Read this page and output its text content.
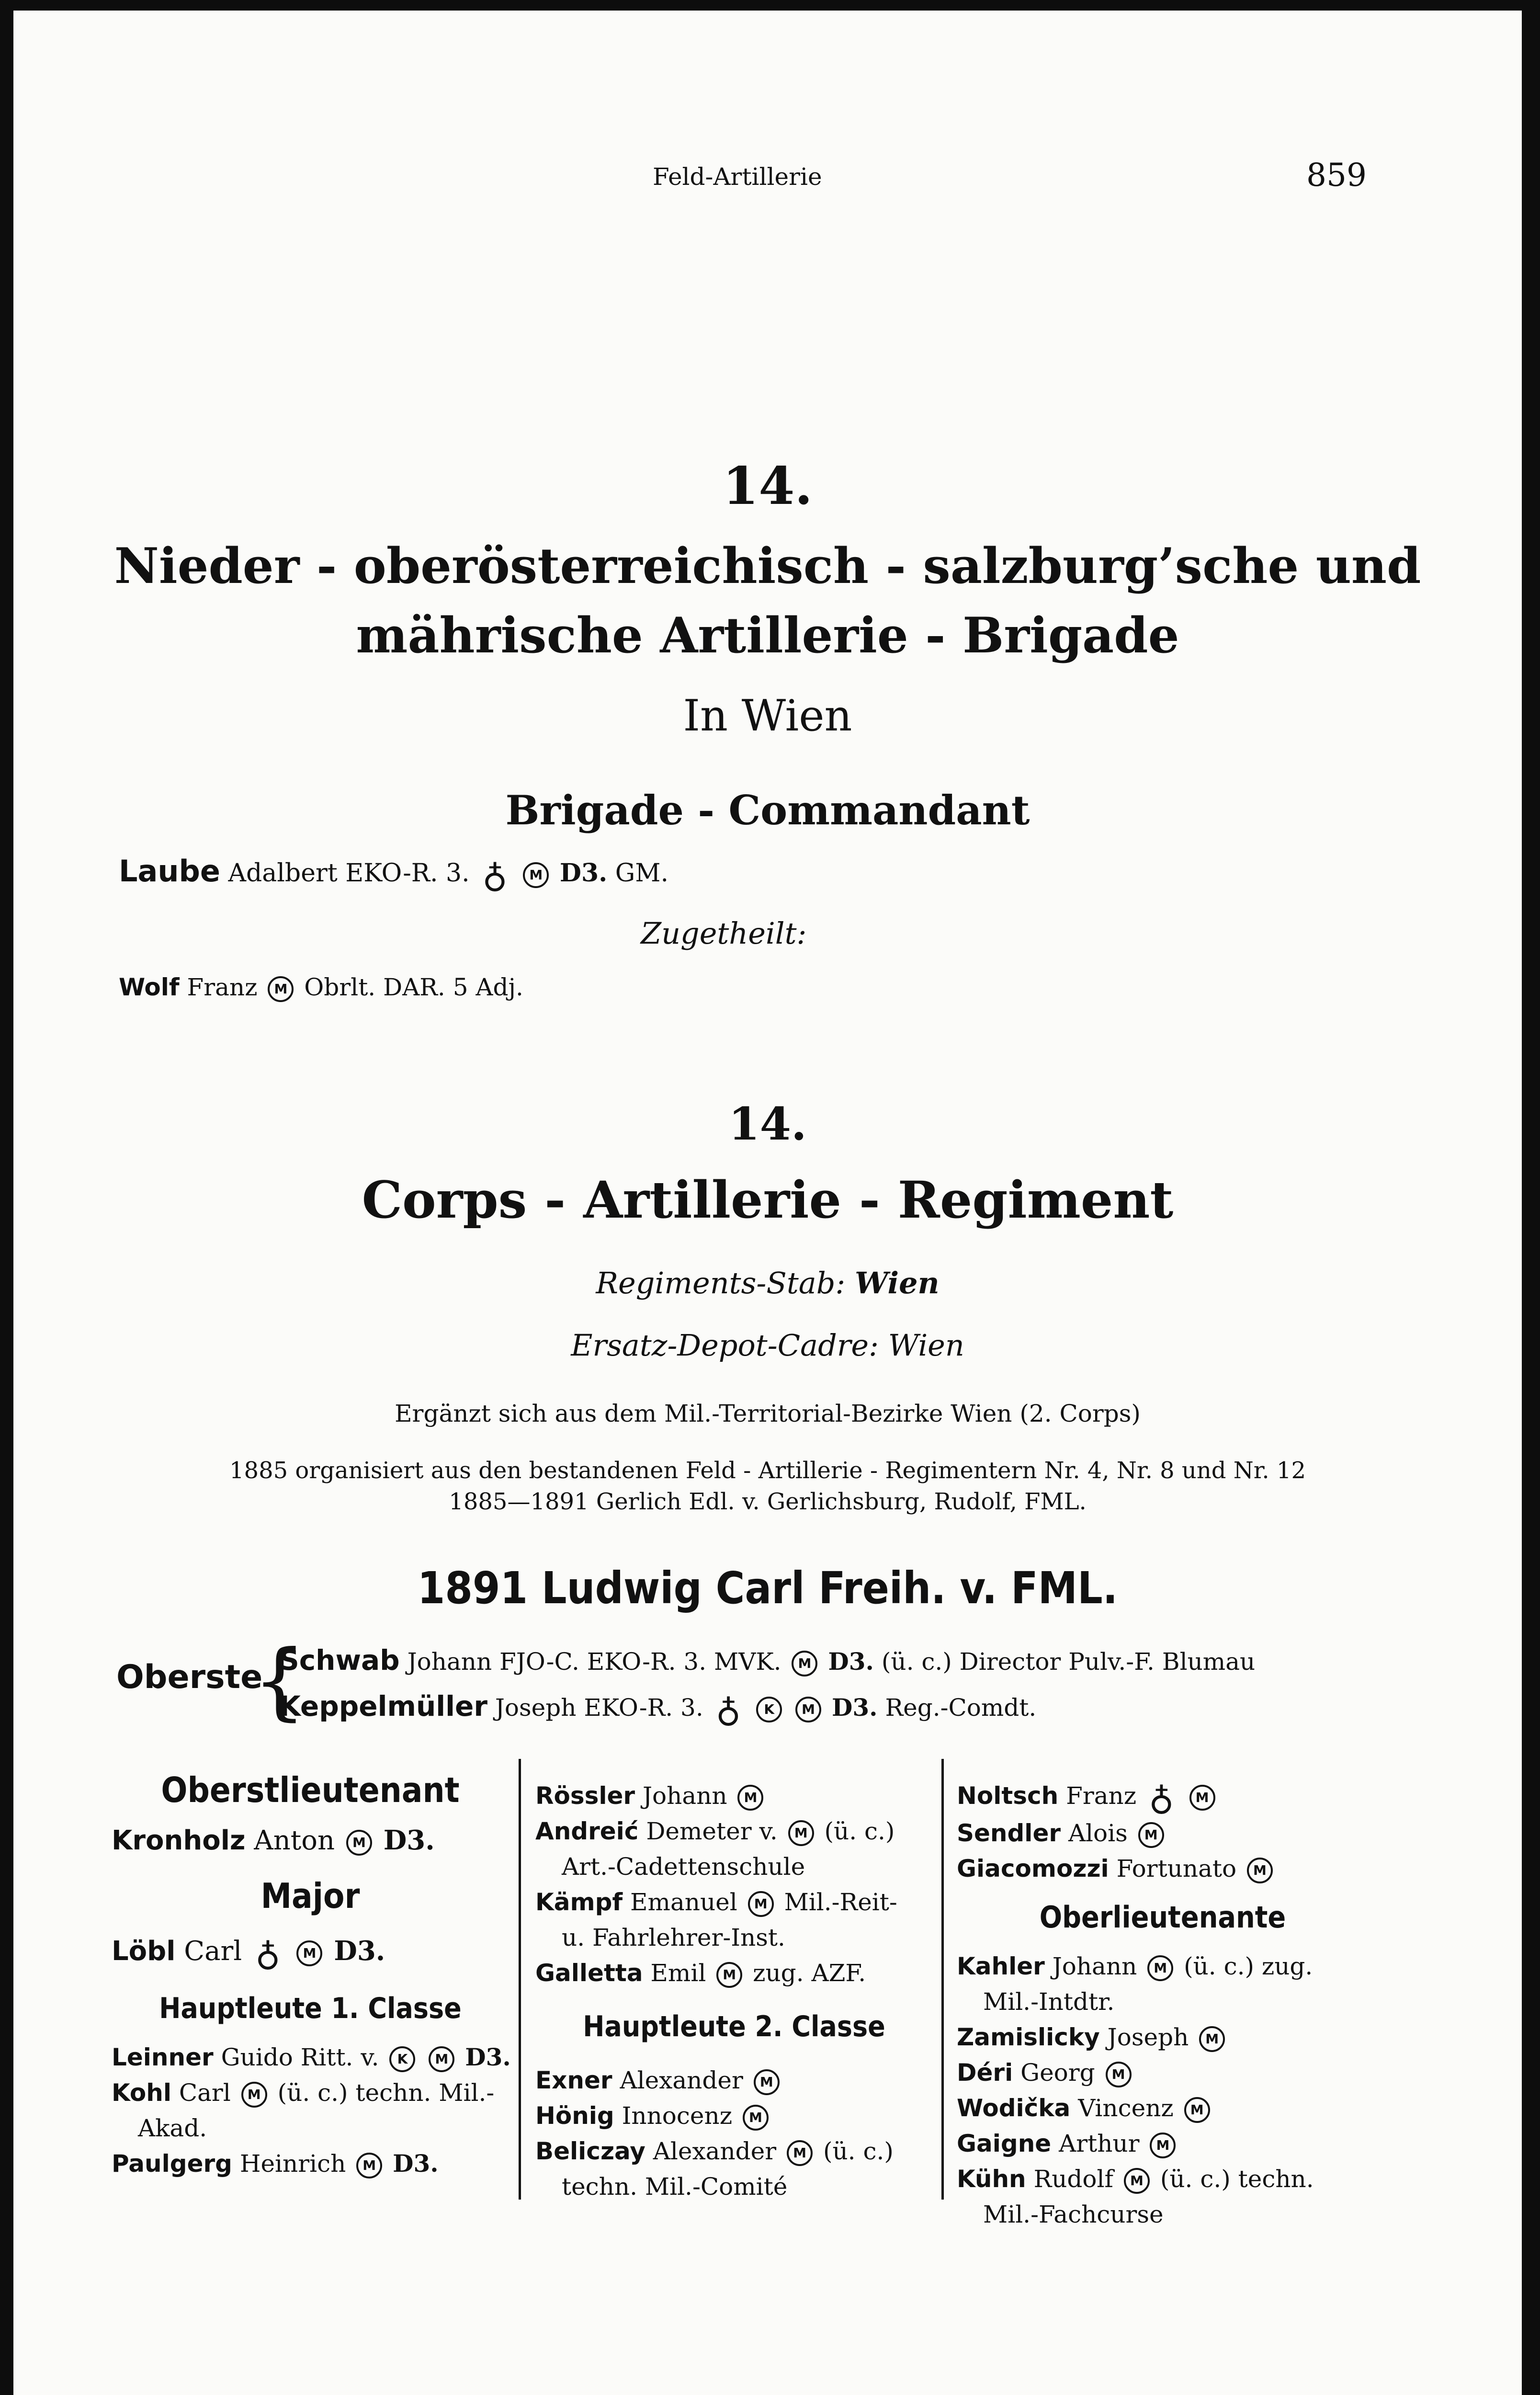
Feld-Artillerie	859
14.
Nieder - oberösterreichisch - salzburg’sche und
mährische Artillerie - Brigade
In Wien
Brigade - Commandant
Laube Adalbert EKO-R. 3. ♁ M D3. GM.
Zugetheilt:
Wolf Franz M Obrlt. DAR. 5 Adj.
14.
Corps - Artillerie - Regiment
Regiments-Stab: Wien
Ersatz-Depot-Cadre: Wien
Ergänzt sich aus dem Mil.-Territorial-Bezirke Wien (2. Corps)
1885 organisiert aus den bestandenen Feld - Artillerie - Regimentern Nr. 4, Nr. 8 und Nr. 12
1885—1891 Gerlich Edl. v. Gerlichsburg, Rudolf, FML.
1891 Ludwig Carl Freih. v. FML.
Oberste
{
Schwab Johann FJO-C. EKO-R. 3. MVK. M D3. (ü. c.) Director Pulv.-F. Blumau
Keppelmüller Joseph EKO-R. 3. ♁ K M D3. Reg.-Comdt.
Oberstlieutenant
Kronholz Anton M D3.
Major
Löbl Carl ♁ M D3.
Hauptleute 1. Classe
Leinner Guido Ritt. v. K M D3.
Kohl Carl M (ü. c.) techn. Mil.-
Akad.
Paulgerg Heinrich M D3.
Rössler Johann M
Andreić Demeter v. M (ü. c.)
Art.-Cadettenschule
Kämpf Emanuel M Mil.-Reit-
u. Fahrlehrer-Inst.
Galletta Emil M zug. AZF.
Hauptleute 2. Classe
Exner Alexander M
Hönig Innocenz M
Beliczay Alexander M (ü. c.)
techn. Mil.-Comité
Noltsch Franz ♁ M
Sendler Alois M
Giacomozzi Fortunato M
Oberlieutenante
Kahler Johann M (ü. c.) zug.
Mil.-Intdtr.
Zamislicky Joseph M
Déri Georg M
Wodička Vincenz M
Gaigne Arthur M
Kühn Rudolf M (ü. c.) techn.
Mil.-Fachcurse
